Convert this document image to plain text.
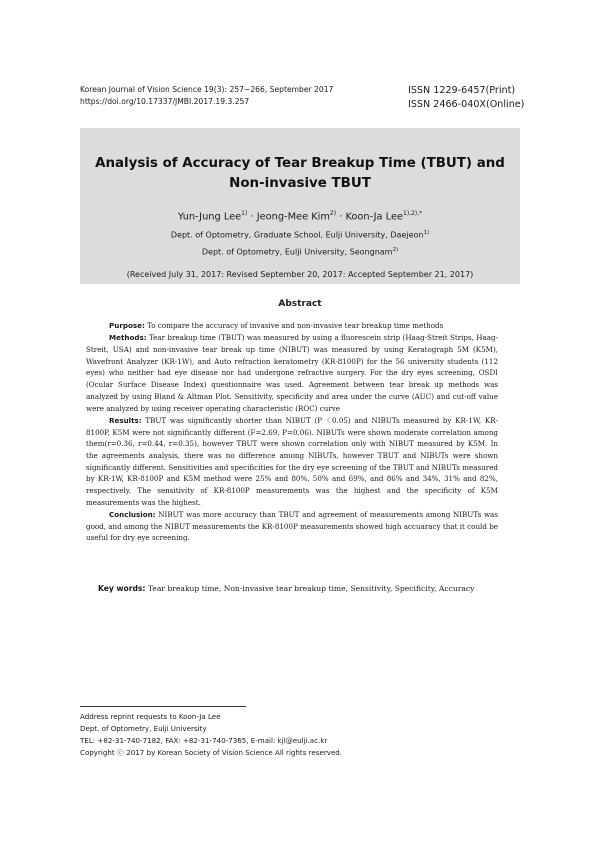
Korean Journal of Vision Science 19(3): 257~266, September 2017
https://doi.org/10.17337/JMBI.2017.19.3.257
ISSN 1229-6457(Print)
ISSN 2466-040X(Online)
Analysis of Accuracy of Tear Breakup Time (TBUT) and
Non-invasive TBUT
Yun-Jung Lee$^{1)}$ · Jeong-Mee Kim$^{2)}$ · Koon-Ja Lee$^{1),2),*}$
Dept. of Optometry, Graduate School, Eulji University, Daejeon$^{1)}$
Dept. of Optometry, Eulji University, Seongnam$^{2)}$
(Received July 31, 2017: Revised September 20, 2017: Accepted September 21, 2017)
Abstract

Purpose: To compare the accuracy of invasive and non-invasive tear breakup time methods

Methods: Tear breakup time (TBUT) was measured by using a fluorescein strip (Haag-Streit Strips, Haag-Streit, USA) and non-invasive tear break up time (NIBUT) was measured by using Keratograph 5M (K5M), Wavefront Analyzer (KR-1W), and Auto refraction keratometry (KR-8100P) for the 56 university students (112 eyes) who neither had eye disease nor had undergone refractive surgery. For the dry eyes screening, OSDI (Ocular Surface Disease Index) questionnaire was used. Agreement between tear break up methods was analyzed by using Bland & Altman Plot. Sensitivity, specificity and area under the curve (AUC) and cut-off value were analyzed by using receiver operating characteristic (ROC) curve

Results: TBUT was significantly shorter than NIBUT (P〈0.05) and NIBUTs measured by KR-1W, KR-8100P, K5M were not significantly different (F=2.69, P=0.06). NIBUTs were shown moderate correlation among them(r=0.36, r=0.44, r=0.35), however TBUT were shown correlation only with NIBUT measured by K5M. In the agreements analysis, there was no difference among NIBUTs, however TBUT and NIBUTs were shown significantly different. Sensitivities and specificities for the dry eye screening of the TBUT and NIBUTs measured by KR-1W, KR-8100P and K5M method were 25% and 80%, 50% and 69%, and 86% and 34%, 31% and 82%, respectively. The sensitivity of KR-8100P measurements was the highest and the specificity of K5M measurements was the highest.

Conclusion: NIBUT was more accuracy than TBUT and agreement of measurements among NIBUTs was good, and among the NIBUT measurements the KR-8100P measurements showed high accuaracy that it could be useful for dry eye screening.

Key words: Tear breakup time, Non-invasive tear breakup time, Sensitivity, Specificity, Accuracy
Address reprint requests to Koon-Ja Lee
Dept. of Optometry, Eulji University
TEL: +82-31-740-7182, FAX: +82-31-740-7365, E-mail: kjl@eulji.ac.kr
Copyright ⓒ 2017 by Korean Society of Vision Science All rights reserved.
